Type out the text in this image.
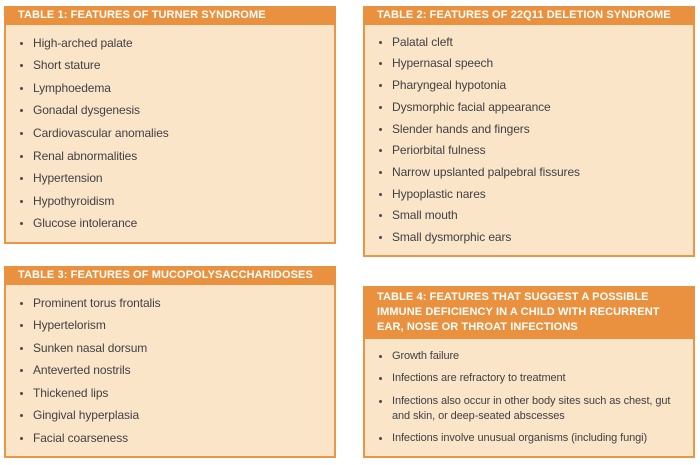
TABLE 1: FEATURES OF TURNER SYNDROME
High-arched palate
Short stature
Lymphoedema
Gonadal dysgenesis
Cardiovascular anomalies
Renal abnormalities
Hypertension
Hypothyroidism
Glucose intolerance
TABLE 2: FEATURES OF 22Q11 DELETION SYNDROME
Palatal cleft
Hypernasal speech
Pharyngeal hypotonia
Dysmorphic facial appearance
Slender hands and fingers
Periorbital fulness
Narrow upslanted palpebral fissures
Hypoplastic nares
Small mouth
Small dysmorphic ears
TABLE 3: FEATURES OF MUCOPOLYSACCHARIDOSES
Prominent torus frontalis
Hypertelorism
Sunken nasal dorsum
Anteverted nostrils
Thickened lips
Gingival hyperplasia
Facial coarseness
TABLE 4: FEATURES THAT SUGGEST A POSSIBLE IMMUNE DEFICIENCY IN A CHILD WITH RECURRENT EAR, NOSE OR THROAT INFECTIONS
Growth failure
Infections are refractory to treatment
Infections also occur in other body sites such as chest, gut and skin, or deep-seated abscesses
Infections involve unusual organisms (including fungi)
